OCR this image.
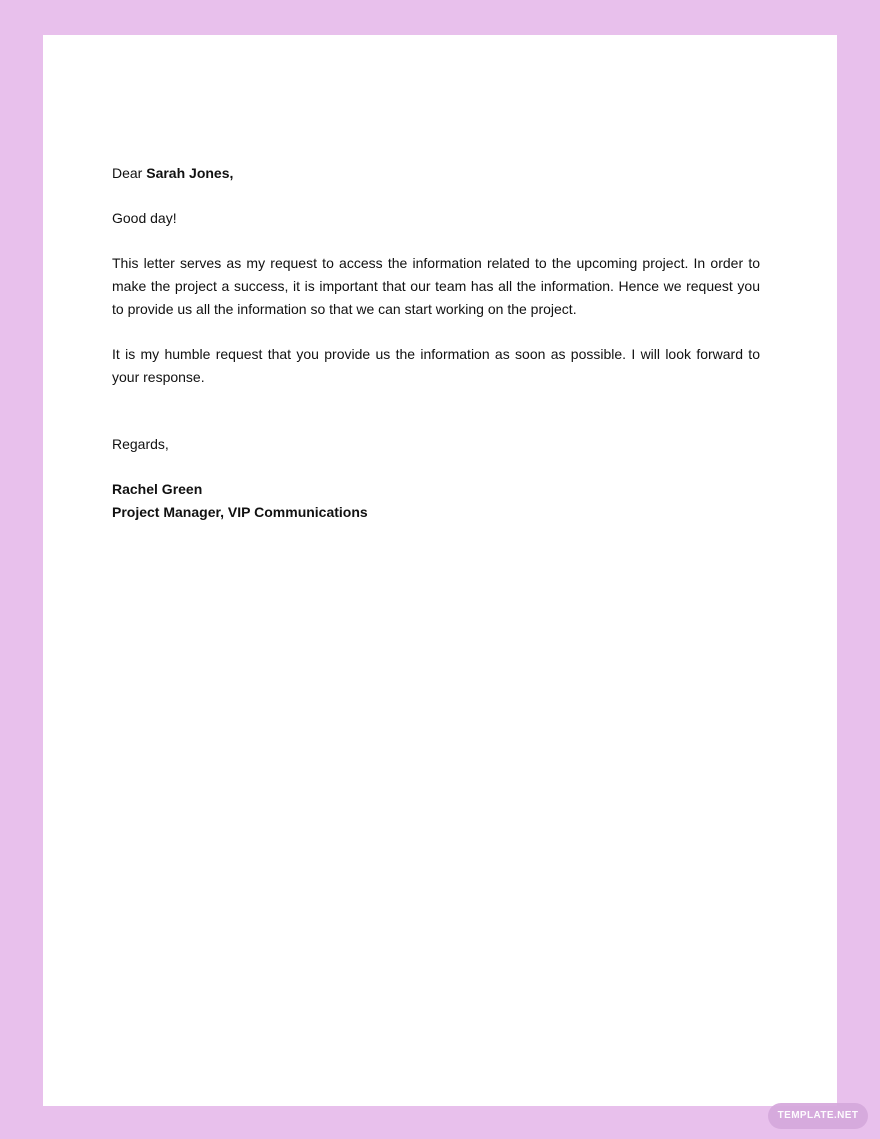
Dear Sarah Jones,

Good day!

This letter serves as my request to access the information related to the upcoming project. In order to make the project a success, it is important that our team has all the information. Hence we request you to provide us all the information so that we can start working on the project.

It is my humble request that you provide us the information as soon as possible. I will look forward to your response.

Regards,

Rachel Green
Project Manager, VIP Communications
TEMPLATE.NET
